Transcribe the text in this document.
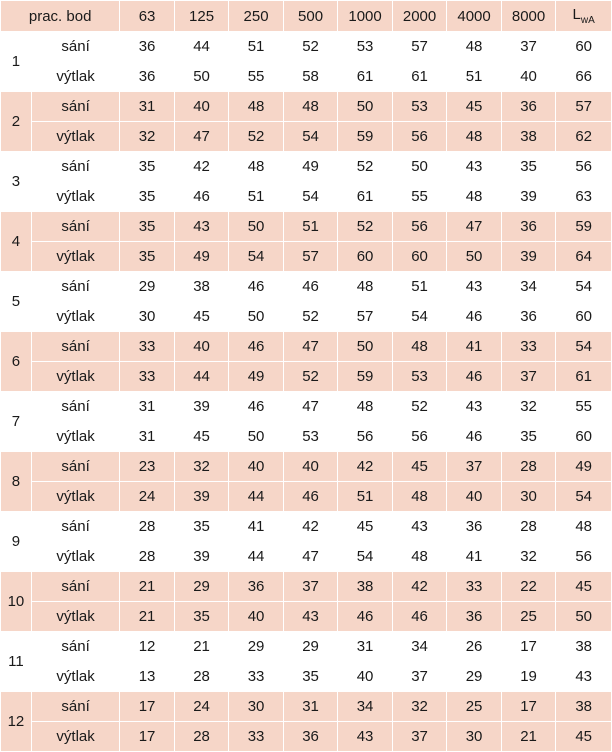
prac. bod		63	125	250	500	1000	2000	4000	8000	$L_{wA}$
1	sání	36	44	51	52	53	57	48	37	60
	výtlak	36	50	55	58	61	61	51	40	66
2	sání	31	40	48	48	50	53	45	36	57
	výtlak	32	47	52	54	59	56	48	38	62
3	sání	35	42	48	49	52	50	43	35	56
	výtlak	35	46	51	54	61	55	48	39	63
4	sání	35	43	50	51	52	56	47	36	59
	výtlak	35	49	54	57	60	60	50	39	64
5	sání	29	38	46	46	48	51	43	34	54
	výtlak	30	45	50	52	57	54	46	36	60
6	sání	33	40	46	47	50	48	41	33	54
	výtlak	33	44	49	52	59	53	46	37	61
7	sání	31	39	46	47	48	52	43	32	55
	výtlak	31	45	50	53	56	56	46	35	60
8	sání	23	32	40	40	42	45	37	28	49
	výtlak	24	39	44	46	51	48	40	30	54
9	sání	28	35	41	42	45	43	36	28	48
	výtlak	28	39	44	47	54	48	41	32	56
10	sání	21	29	36	37	38	42	33	22	45
	výtlak	21	35	40	43	46	46	36	25	50
11	sání	12	21	29	29	31	34	26	17	38
	výtlak	13	28	33	35	40	37	29	19	43
12	sání	17	24	30	31	34	32	25	17	38
	výtlak	17	28	33	36	43	37	30	21	45
